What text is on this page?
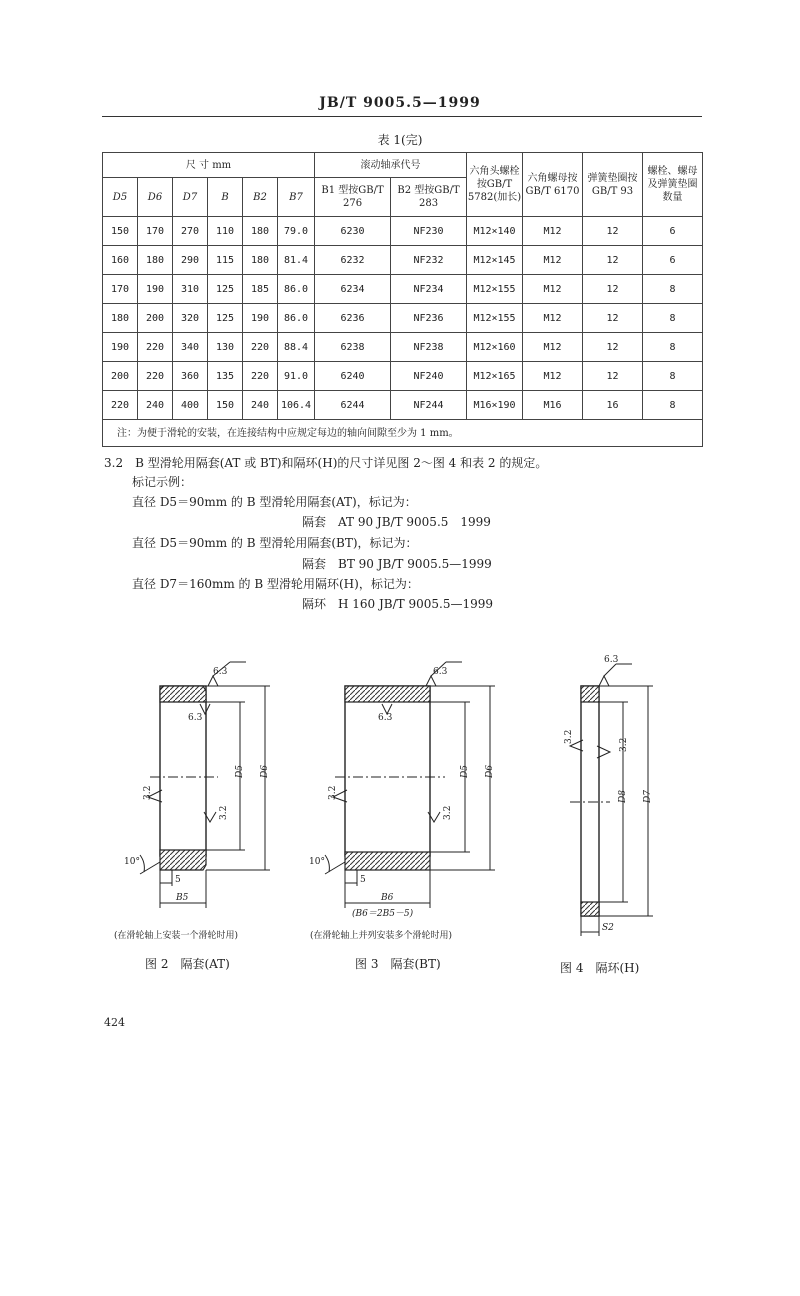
JB/T 9005.5—1999
表 1(完)
尺 寸 mm						滚动轴承代号		六角头螺栓按GB/T 5782(加长)	六角螺母按GB/T 6170	弹簧垫圈按GB/T 93	螺栓、螺母及弹簧垫圈数量
D5	D6	D7	B	B2	B7	B1 型按GB/T 276	B2 型按GB/T 283				
150	170	270	110	180	79.0	6230	NF230	M12×140	M12	12	6
160	180	290	115	180	81.4	6232	NF232	M12×145	M12	12	6
170	190	310	125	185	86.0	6234	NF234	M12×155	M12	12	8
180	200	320	125	190	86.0	6236	NF236	M12×155	M12	12	8
190	220	340	130	220	88.4	6238	NF238	M12×160	M12	12	8
200	220	360	135	220	91.0	6240	NF240	M12×165	M12	12	8
220	240	400	150	240	106.4	6244	NF244	M16×190	M16	16	8
注：为便于滑轮的安装，在连接结构中应规定每边的轴向间隙至少为 1 mm。											
3.2　B 型滑轮用隔套(AT 或 BT)和隔环(H)的尺寸详见图 2～图 4 和表 2 的规定。
标记示例：
直径 D5＝90mm 的 B 型滑轮用隔套(AT)，标记为：
隔套　AT 90 JB/T 9005.5　1999
直径 D5＝90mm 的 B 型滑轮用隔套(BT)，标记为：
隔套　BT 90 JB/T 9005.5—1999
直径 D7＝160mm 的 B 型滑轮用隔环(H)，标记为：
隔环　H 160 JB/T 9005.5—1999
6.3
6.3
3.2
3.2
D5 D6
10°
5
B5
6.3
6.3
3.2
3.2
D5 D6
10°
5
B6
(B6＝2B5－5)
6.3
3.2
3.2
D8 D7
S2
(在滑轮轴上安装一个滑轮时用)	(在滑轮轴上并列安装多个滑轮时用)
图 2　隔套(AT)	图 3　隔套(BT)	图 4　隔环(H)
424
